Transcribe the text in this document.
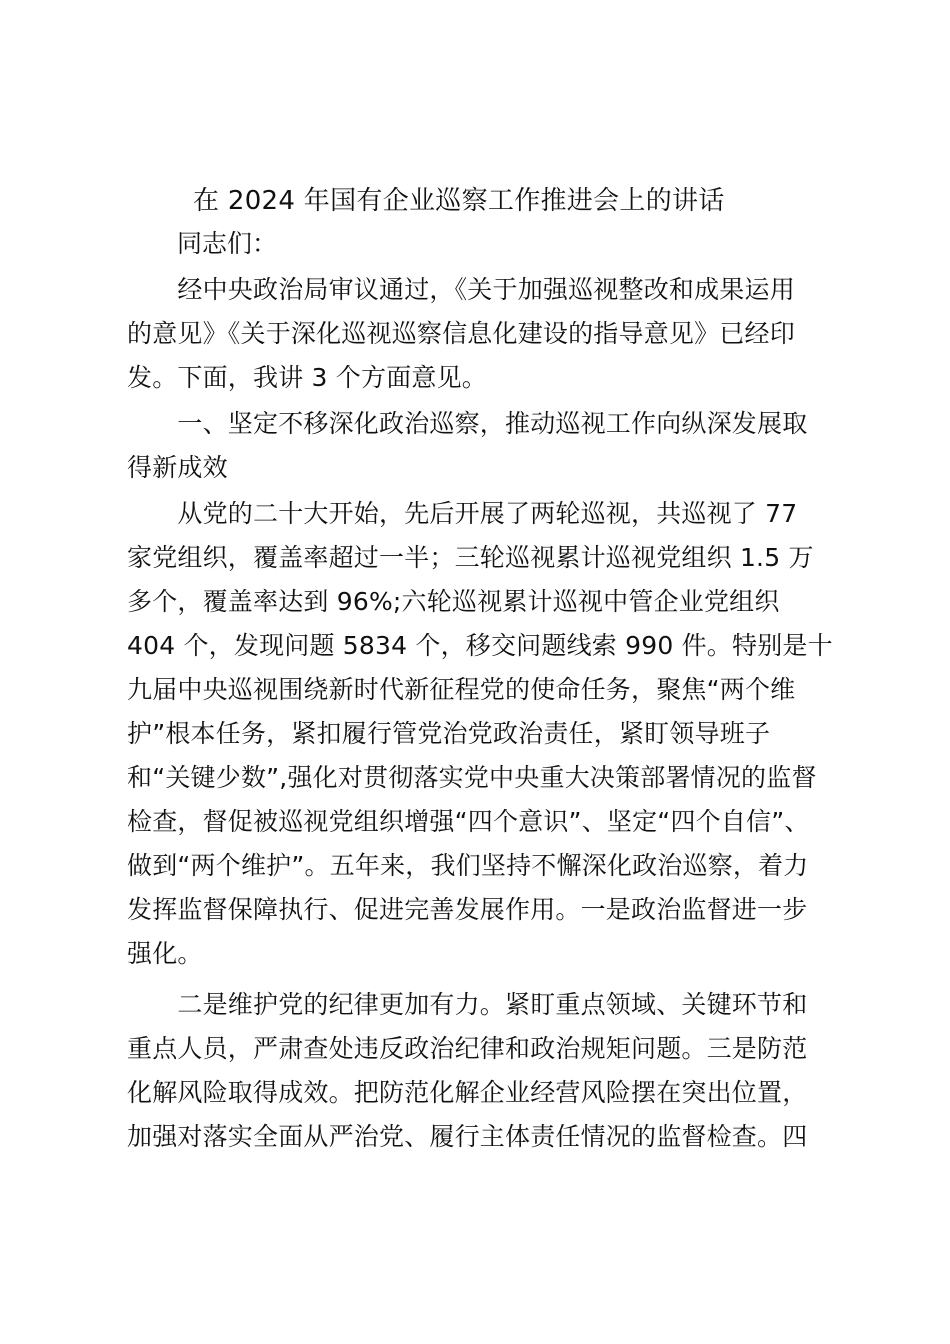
在 2024 年国有企业巡察工作推进会上的讲话
同志们：
　　经中央政治局审议通过，《关于加强巡视整改和成果运用
的意见》《关于深化巡视巡察信息化建设的指导意见》已经印
发。下面，我讲 3 个方面意见。
　　一、坚定不移深化政治巡察，推动巡视工作向纵深发展取
得新成效
　　从党的二十大开始，先后开展了两轮巡视，共巡视了 77
家党组织，覆盖率超过一半；三轮巡视累计巡视党组织 1.5 万
多个，覆盖率达到 96%;六轮巡视累计巡视中管企业党组织
404 个，发现问题 5834 个，移交问题线索 990 件。特别是十
九届中央巡视围绕新时代新征程党的使命任务，聚焦“两个维
护”根本任务，紧扣履行管党治党政治责任，紧盯领导班子
和“关键少数”,强化对贯彻落实党中央重大决策部署情况的监督
检查，督促被巡视党组织增强“四个意识”、坚定“四个自信”、
做到“两个维护”。五年来，我们坚持不懈深化政治巡察，着力
发挥监督保障执行、促进完善发展作用。一是政治监督进一步
强化。
　　二是维护党的纪律更加有力。紧盯重点领域、关键环节和
重点人员，严肃查处违反政治纪律和政治规矩问题。三是防范
化解风险取得成效。把防范化解企业经营风险摆在突出位置，
加强对落实全面从严治党、履行主体责任情况的监督检查。四
